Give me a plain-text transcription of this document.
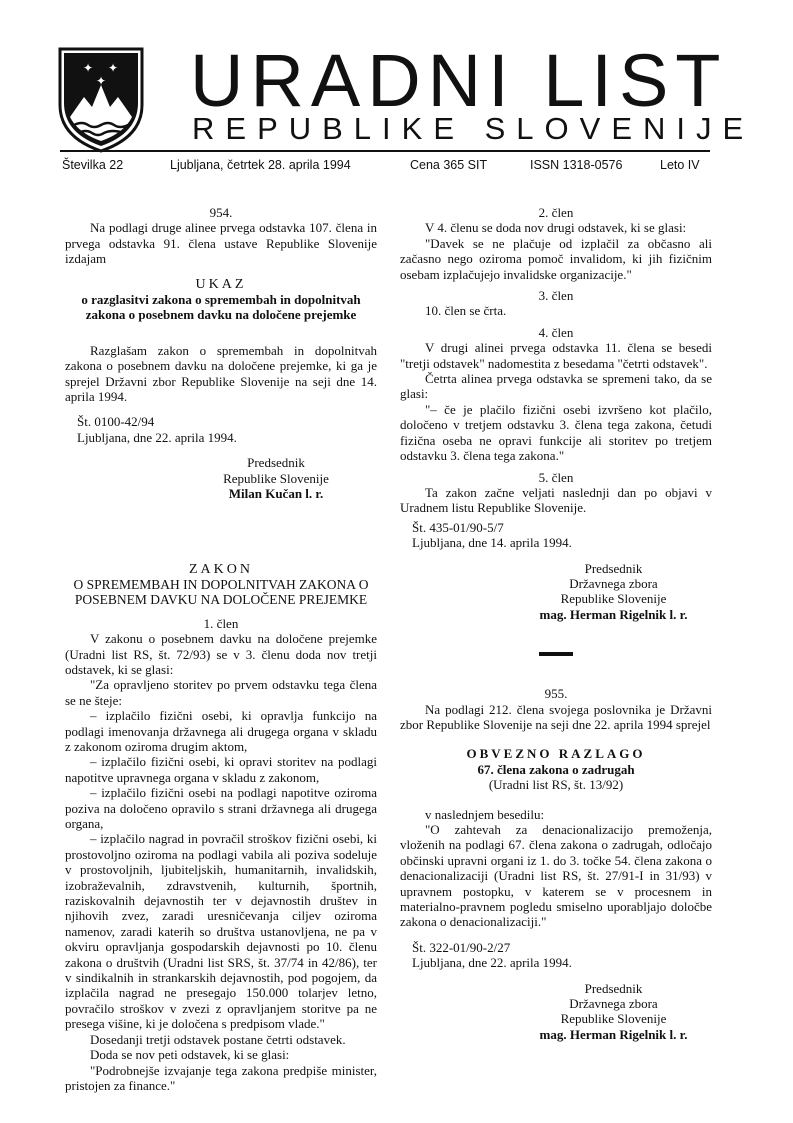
✦ ✦
✦ URADNI LIST
REPUBLIKE SLOVENIJE
Številka 22	Ljubljana, četrtek 28. aprila 1994	Cena 365 SIT	ISSN 1318-0576	Leto IV

954.

Na podlagi druge alinee prvega odstavka 107. člena in prvega odstavka 91. člena ustave Republike Slovenije izdajam

UKAZ

o razglasitvi zakona o spremembah in dopolnitvah zakona o posebnem davku na določene prejemke

Razglašam zakon o spremembah in dopolnitvah zakona o posebnem davku na določene prejemke, ki ga je sprejel Državni zbor Republike Slovenije na seji dne 14. aprila 1994.

Št. 0100-42/94

Ljubljana, dne 22. aprila 1994.

Predsednik

Republike Slovenije

Milan Kučan l. r.

ZAKON

O SPREMEMBAH IN DOPOLNITVAH ZAKONA O POSEBNEM DAVKU NA DOLOČENE PREJEMKE

1. člen

V zakonu o posebnem davku na določene prejemke (Uradni list RS, št. 72/93) se v 3. členu doda nov tretji odstavek, ki se glasi:

"Za opravljeno storitev po prvem odstavku tega člena se ne šteje:

– izplačilo fizični osebi, ki opravlja funkcijo na podlagi imenovanja državnega ali drugega organa v skladu z zakonom oziroma drugim aktom,

– izplačilo fizični osebi, ki opravi storitev na podlagi napotitve upravnega organa v skladu z zakonom,

– izplačilo fizični osebi na podlagi napotitve oziroma poziva na določeno opravilo s strani državnega ali drugega organa,

– izplačilo nagrad in povračil stroškov fizični osebi, ki prostovoljno oziroma na podlagi vabila ali poziva sodeluje v prostovoljnih, ljubiteljskih, humanitarnih, invalidskih, izobraževalnih, zdravstvenih, kulturnih, športnih, raziskovalnih dejavnostih ter v dejavnostih društev in njihovih zvez, zaradi uresničevanja ciljev oziroma namenov, zaradi katerih so društva ustanovljena, ne pa v okviru opravljanja gospodarskih dejavnosti po 10. členu zakona o društvih (Uradni list SRS, št. 37/74 in 42/86), ter v sindikalnih in strankarskih dejavnostih, pod pogojem, da izplačila nagrad ne presegajo 150.000 tolarjev letno, povračilo stroškov v zvezi z opravljanjem storitve pa ne presega višine, ki je določena s predpisom vlade."

Dosedanji tretji odstavek postane četrti odstavek.

Doda se nov peti odstavek, ki se glasi:

"Podrobnejše izvajanje tega zakona predpiše minister, pristojen za finance."

2. člen

V 4. členu se doda nov drugi odstavek, ki se glasi:

"Davek se ne plačuje od izplačil za občasno ali začasno nego oziroma pomoč invalidom, ki jih fizičnim osebam izplačujejo invalidske organizacije."

3. člen

10. člen se črta.

4. člen

V drugi alinei prvega odstavka 11. člena se besedi "tretji odstavek" nadomestita z besedama "četrti odstavek".

Četrta alinea prvega odstavka se spremeni tako, da se glasi:

"– če je plačilo fizični osebi izvršeno kot plačilo, določeno v tretjem odstavku 3. člena tega zakona, četudi fizična oseba ne opravi funkcije ali storitev po tretjem odstavku 3. člena tega zakona."

5. člen

Ta zakon začne veljati naslednji dan po objavi v Uradnem listu Republike Slovenije.

Št. 435-01/90-5/7

Ljubljana, dne 14. aprila 1994.

Predsednik

Državnega zbora

Republike Slovenije

mag. Herman Rigelnik l. r.

955.

Na podlagi 212. člena svojega poslovnika je Državni zbor Republike Slovenije na seji dne 22. aprila 1994 sprejel

OBVEZNO RAZLAGO

67. člena zakona o zadrugah

(Uradni list RS, št. 13/92)

v naslednjem besedilu:

"O zahtevah za denacionalizacijo premoženja, vloženih na podlagi 67. člena zakona o zadrugah, odločajo občinski upravni organi iz 1. do 3. točke 54. člena zakona o denacionalizaciji (Uradni list RS, št. 27/91-I in 31/93) v upravnem postopku, v katerem se v procesnem in materialno-pravnem pogledu smiselno uporabljajo določbe zakona o denacionalizaciji."

Št. 322-01/90-2/27

Ljubljana, dne 22. aprila 1994.

Predsednik

Državnega zbora

Republike Slovenije

mag. Herman Rigelnik l. r.
